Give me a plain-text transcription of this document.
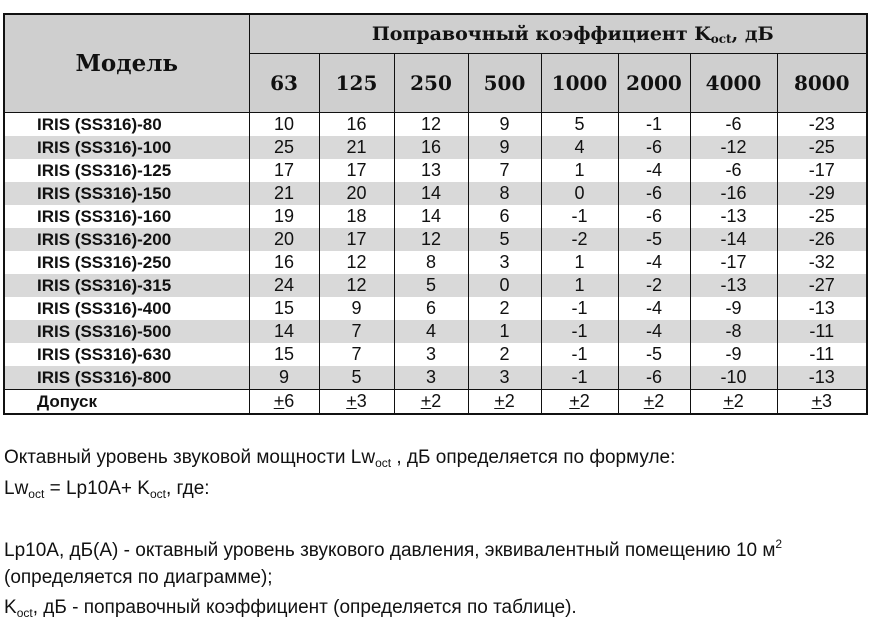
Модель	Поправочный коэффициент $K_{oct}$, дБ							
	63	125	250	500	1000	2000	4000	8000
IRIS (SS316)-80	10	16	12	9	5	-1	-6	-23
IRIS (SS316)-100	25	21	16	9	4	-6	-12	-25
IRIS (SS316)-125	17	17	13	7	1	-4	-6	-17
IRIS (SS316)-150	21	20	14	8	0	-6	-16	-29
IRIS (SS316)-160	19	18	14	6	-1	-6	-13	-25
IRIS (SS316)-200	20	17	12	5	-2	-5	-14	-26
IRIS (SS316)-250	16	12	8	3	1	-4	-17	-32
IRIS (SS316)-315	24	12	5	0	1	-2	-13	-27
IRIS (SS316)-400	15	9	6	2	-1	-4	-9	-13
IRIS (SS316)-500	14	7	4	1	-1	-4	-8	-11
IRIS (SS316)-630	15	7	3	2	-1	-5	-9	-11
IRIS (SS316)-800	9	5	3	3	-1	-6	-10	-13
Допуск	+6	+3	+2	+2	+2	+2	+2	+3
Октавный уровень звуковой мощности $Lw_{oct}$ , дБ определяется по формуле:
$Lw_{oct} = Lp10A+ K_{oct}$, где:
Lp10A, дБ(А) - октавный уровень звукового давления, эквивалентный помещению 10 $м^2$
(определяется по диаграмме);
$K_{oct}$, дБ - поправочный коэффициент (определяется по таблице).
